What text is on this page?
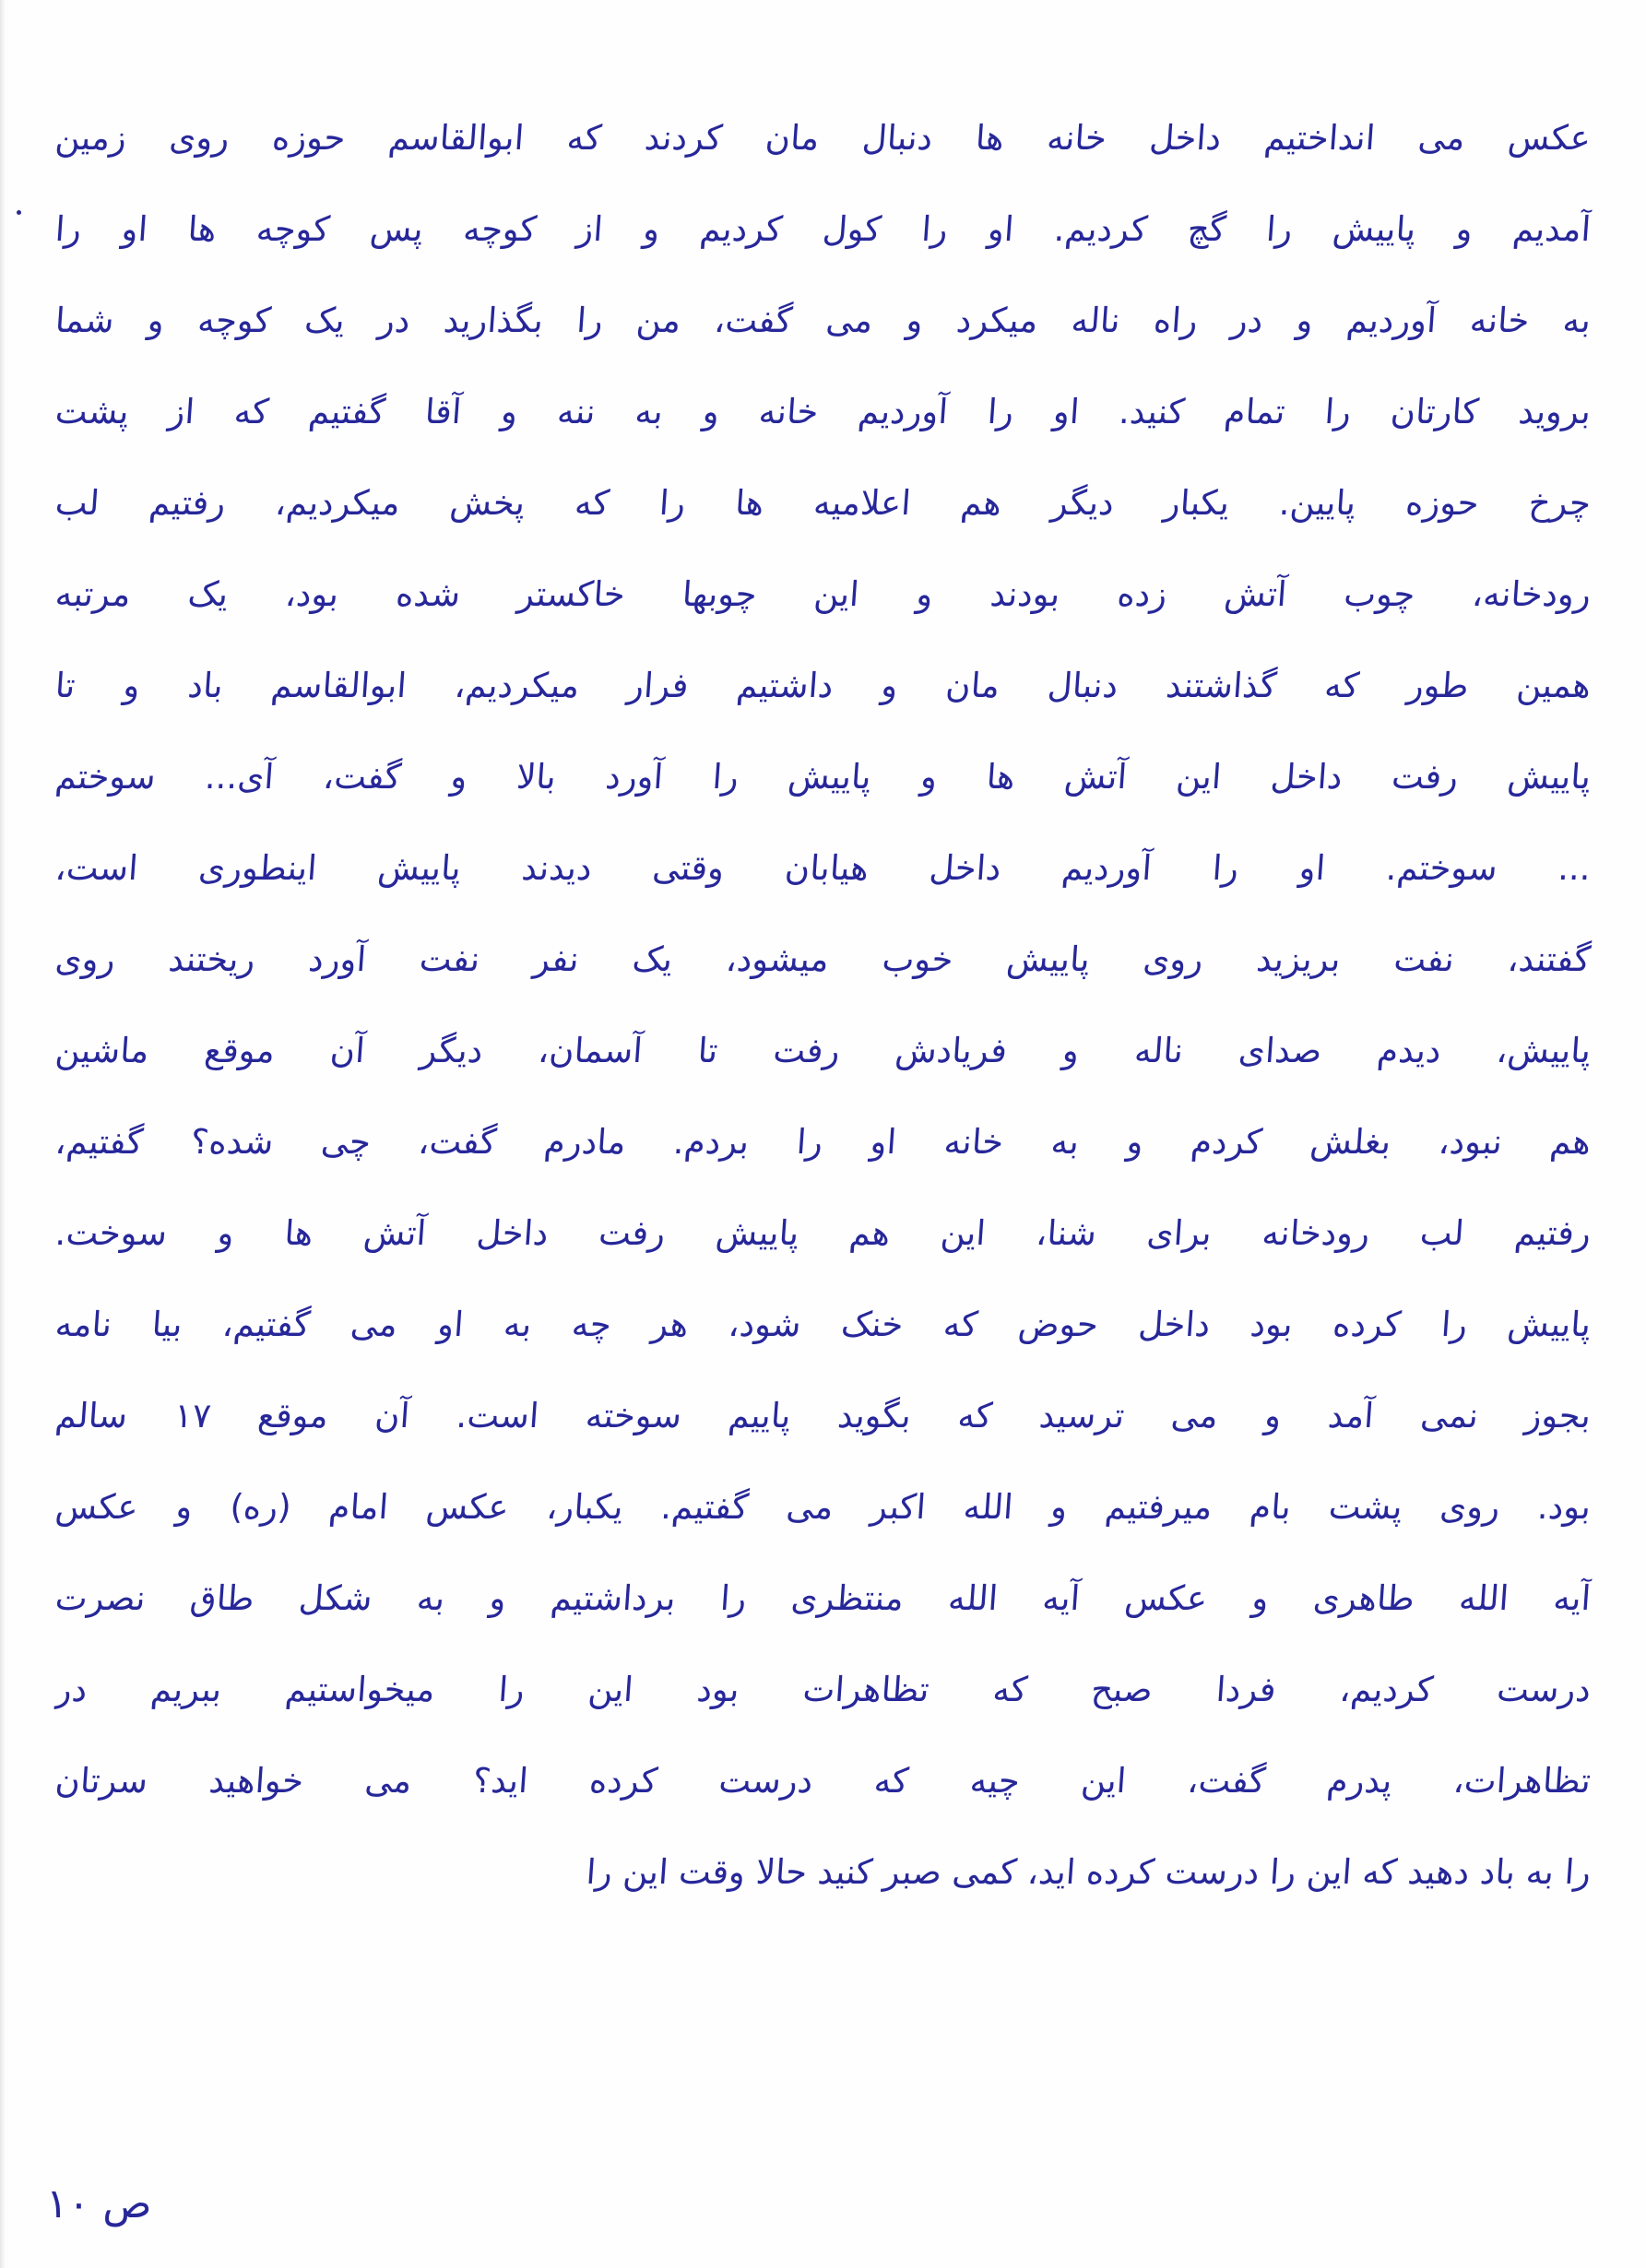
عکس می انداختیم داخل خانه ها دنبال مان کردند که ابوالقاسم حوزه روی زمین
آمدیم و پاییش را گچ کردیم. او را کول کردیم و از کوچه پس کوچه ها او را
به خانه آوردیم و در راه ناله میکرد و می گفت، من را بگذارید در یک کوچه و شما
بروید کارتان را تمام کنید. او را آوردیم خانه و به ننه و آقا گفتیم که از پشت
چرخ حوزه پایین. یکبار دیگر هم اعلامیه ها را که پخش میکردیم، رفتیم لب
رودخانه، چوب آتش زده بودند و این چوبها خاکستر شده بود، یک مرتبه
همین طور که گذاشتند دنبال مان و داشتیم فرار میکردیم، ابوالقاسم باد و تا
پاییش رفت داخل این آتش ها و پاییش را آورد بالا و گفت، آی... سوختم
... سوختم. او را آوردیم داخل هیابان وقتی دیدند پاییش اینطوری است،
گفتند، نفت بریزید روی پاییش خوب میشود، یک نفر نفت آورد ریختند روی
پاییش، دیدم صدای ناله و فریادش رفت تا آسمان، دیگر آن موقع ماشین
هم نبود، بغلش کردم و به خانه او را بردم. مادرم گفت، چی شده؟ گفتیم،
رفتیم لب رودخانه برای شنا، این هم پاییش رفت داخل آتش ها و سوخت.
پاییش را کرده بود داخل حوض که خنک شود، هر چه به او می گفتیم، بیا نامه
بجوز نمی آمد و می ترسید که بگوید پاییم سوخته است. آن موقع ۱۷ سالم
بود. روی پشت بام میرفتیم و الله اکبر می گفتیم. یکبار، عکس امام (ره) و عکس
آیه الله طاهری و عکس آیه الله منتظری را برداشتیم و به شکل طاق نصرت
درست کردیم، فردا صبح که تظاهرات بود این را میخواستیم ببریم در
تظاهرات، پدرم گفت، این چیه که درست کرده اید؟ می خواهید سرتان
را به باد دهید که این را درست کرده اید، کمی صبر کنید حالا وقت این را
ص ۱۰
